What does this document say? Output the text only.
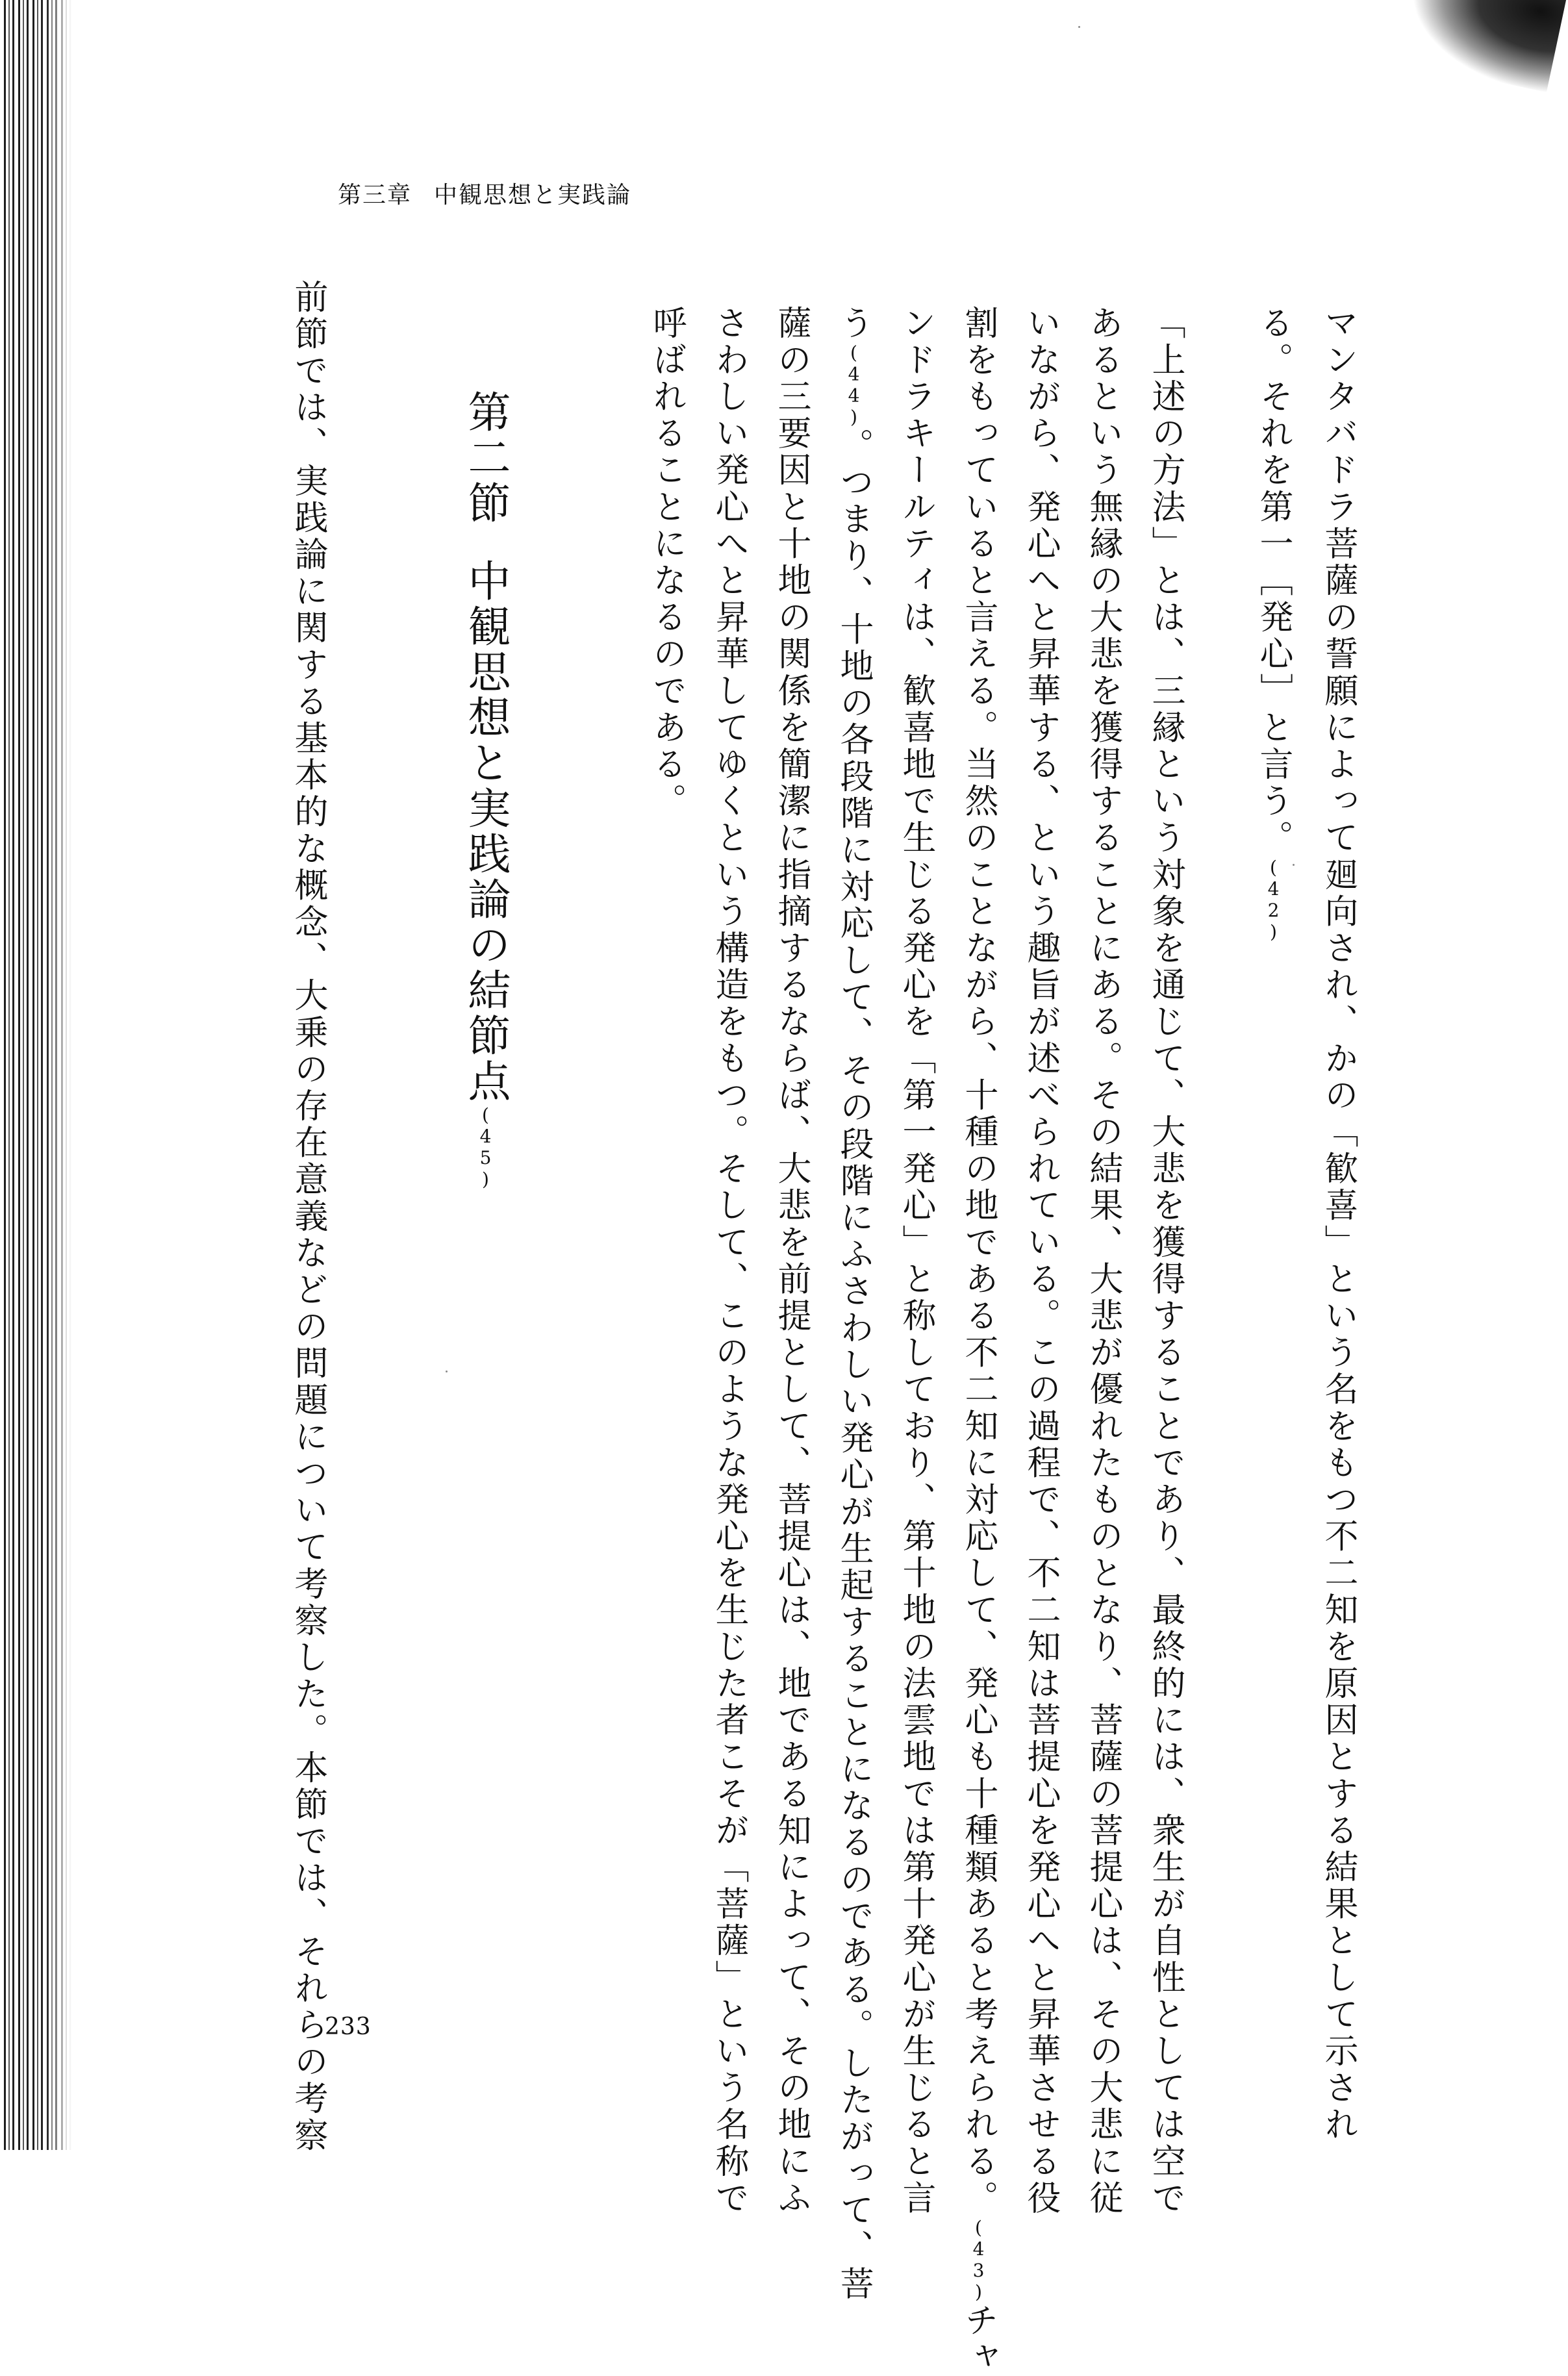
第三章 中観思想と実践論
マンタバドラ菩薩の誓願によって廻向され、かの「歓喜」という名をもつ不二知を原因とする結果として示され
る。それを第一［発心］と言う。(42)
「上述の方法」とは、三縁という対象を通じて、大悲を獲得することであり、最終的には、衆生が自性としては空で
あるという無縁の大悲を獲得することにある。その結果、大悲が優れたものとなり、菩薩の菩提心は、その大悲に従
いながら、発心へと昇華する、という趣旨が述べられている。この過程で、不二知は菩提心を発心へと昇華させる役
割をもっていると言える。当然のことながら、十種の地である不二知に対応して、発心も十種類あると考えられる。(43)チャ
ンドラキールティは、歓喜地で生じる発心を「第一発心」と称しており、第十地の法雲地では第十発心が生じると言
う(44)。つまり、十地の各段階に対応して、その段階にふさわしい発心が生起することになるのである。したがって、菩
薩の三要因と十地の関係を簡潔に指摘するならば、大悲を前提として、菩提心は、地である知によって、その地にふ
さわしい発心へと昇華してゆくという構造をもつ。そして、このような発心を生じた者こそが「菩薩」という名称で
呼ばれることになるのである。
第二節中観思想と実践論の結節点(45)
前節では、実践論に関する基本的な概念、大乗の存在意義などの問題について考察した。本節では、それらの考察
233
